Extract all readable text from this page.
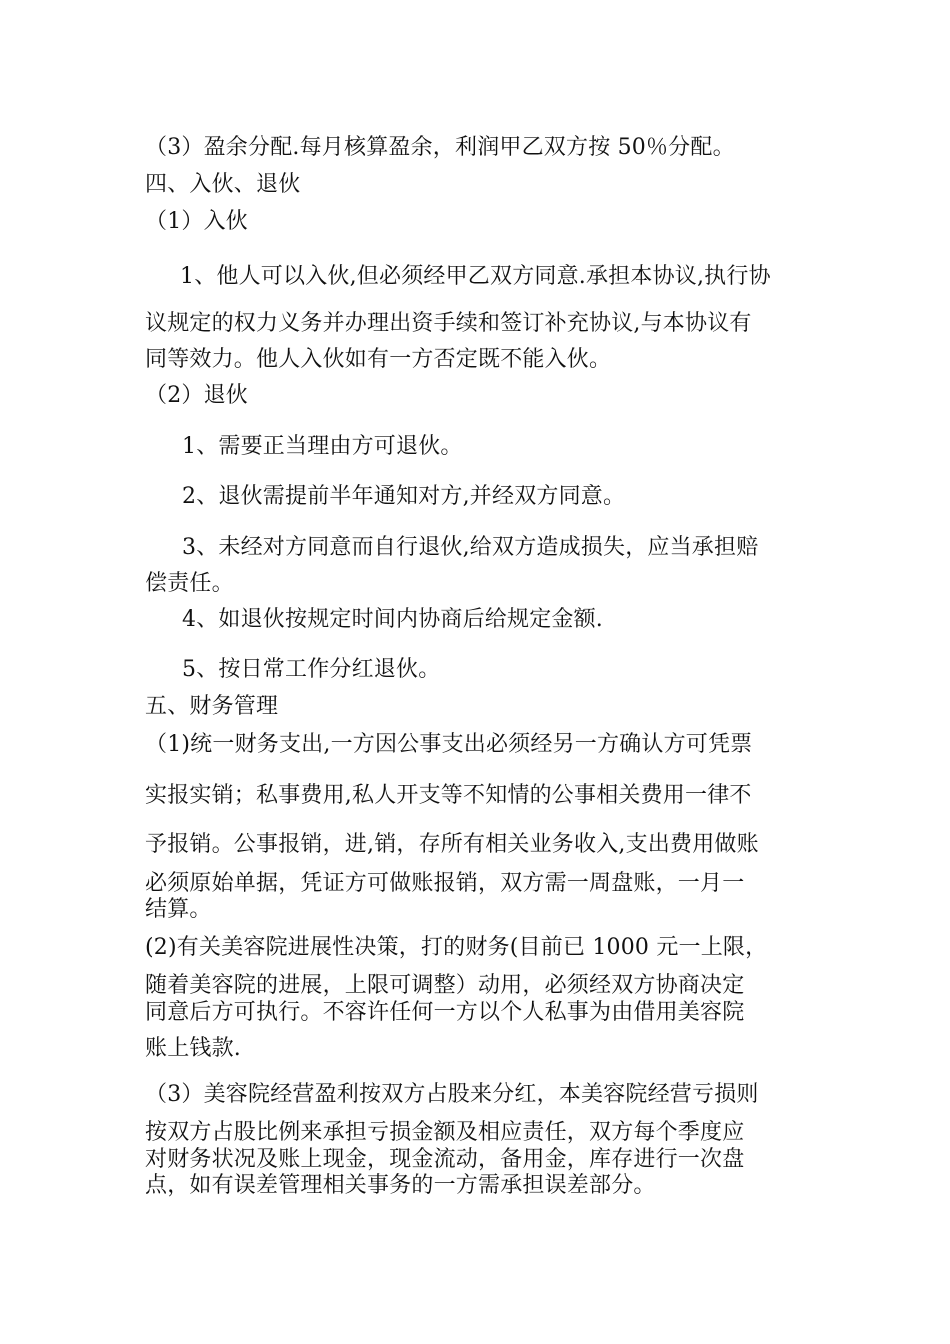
（3）盈余分配.每月核算盈余，利润甲乙双方按 50％分配。
四、入伙、退伙
（1）入伙
1、他人可以入伙,但必须经甲乙双方同意.承担本协议,执行协
议规定的权力义务并办理出资手续和签订补充协议,与本协议有
同等效力。他人入伙如有一方否定既不能入伙。
（2）退伙
1、需要正当理由方可退伙。
2、退伙需提前半年通知对方,并经双方同意。
3、未经对方同意而自行退伙,给双方造成损失，应当承担赔
偿责任。
4、如退伙按规定时间内协商后给规定金额.
5、按日常工作分红退伙。
五、财务管理
（1)统一财务支出,一方因公事支出必须经另一方确认方可凭票
实报实销；私事费用,私人开支等不知情的公事相关费用一律不
予报销。公事报销，进,销，存所有相关业务收入,支出费用做账
必须原始单据，凭证方可做账报销，双方需一周盘账，一月一
结算。
(2)有关美容院进展性决策，打的财务(目前已 1000 元一上限，
随着美容院的进展，上限可调整）动用，必须经双方协商决定
同意后方可执行。不容许任何一方以个人私事为由借用美容院
账上钱款.
（3）美容院经营盈利按双方占股来分红，本美容院经营亏损则
按双方占股比例来承担亏损金额及相应责任，双方每个季度应
对财务状况及账上现金，现金流动，备用金，库存进行一次盘
点，如有误差管理相关事务的一方需承担误差部分。
